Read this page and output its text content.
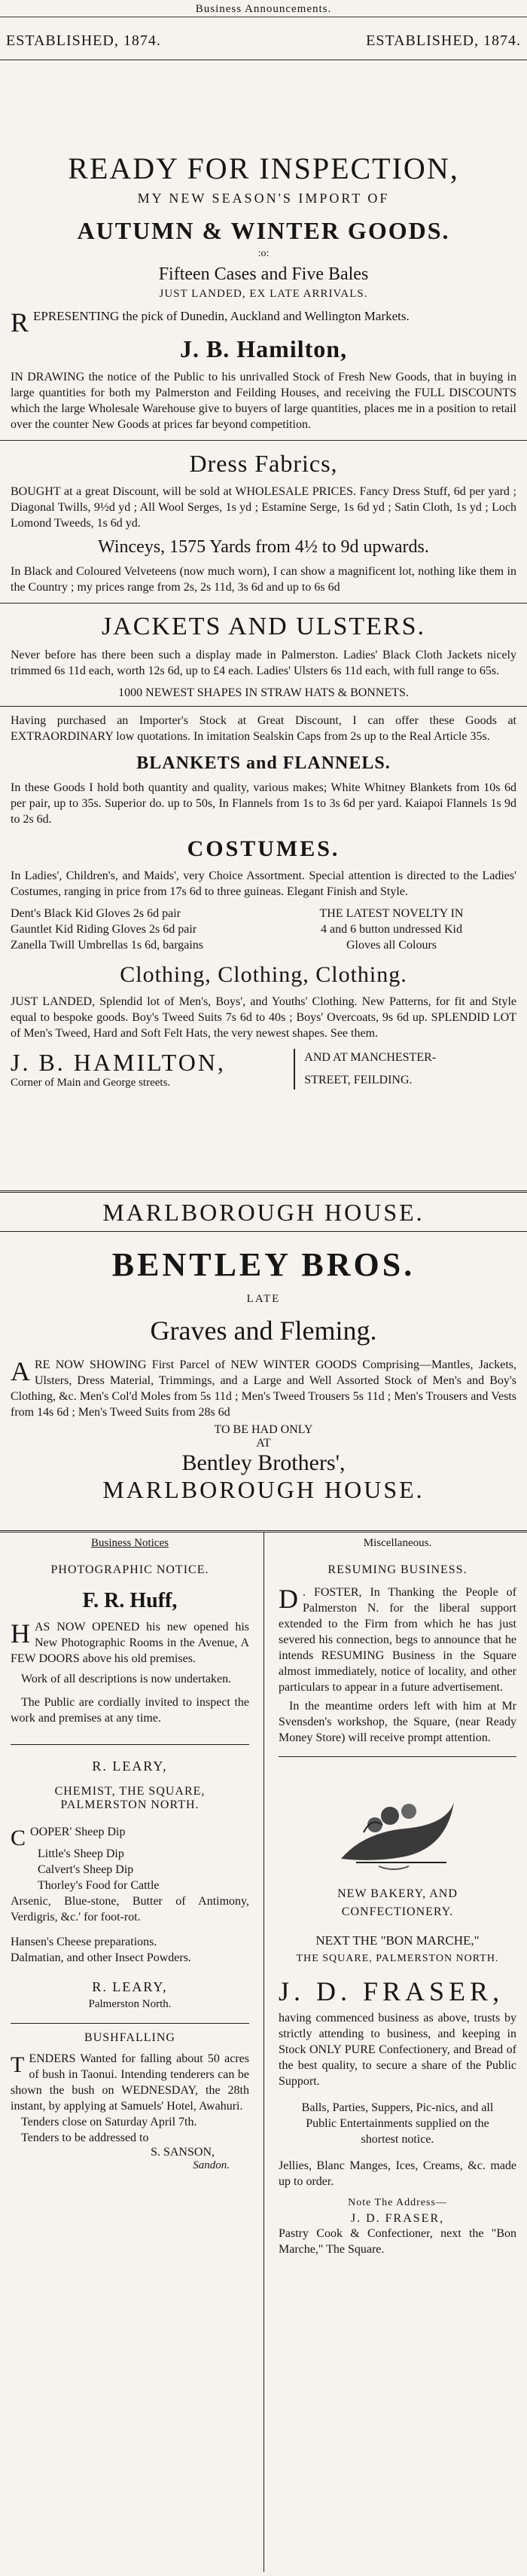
Business Announcements.
ESTABLISHED, 1874.	ESTABLISHED, 1874.
READY FOR INSPECTION,
MY NEW SEASON'S IMPORT OF
AUTUMN & WINTER GOODS.
:o:
Fifteen Cases and Five Bales
JUST LANDED, EX LATE ARRIVALS.
REPRESENTING the pick of Dunedin, Auckland and Wellington Markets.
J. B. Hamilton,
IN DRAWING the notice of the Public to his unrivalled Stock of Fresh New Goods, that in buying in large quantities for both my Palmerston and Feilding Houses, and receiving the FULL DISCOUNTS which the large Wholesale Warehouse give to buyers of large quantities, places me in a position to retail over the counter New Goods at prices far beyond competition.
Dress Fabrics,
BOUGHT at a great Discount, will be sold at WHOLESALE PRICES. Fancy Dress Stuff, 6d per yard ; Diagonal Twills, 9½d yd ; All Wool Serges, 1s yd ; Estamine Serge, 1s 6d yd ; Satin Cloth, 1s yd ; Loch Lomond Tweeds, 1s 6d yd.
Winceys, 1575 Yards from 4½ to 9d upwards.
In Black and Coloured Velveteens (now much worn), I can show a magnificent lot, nothing like them in the Country ; my prices range from 2s, 2s 11d, 3s 6d and up to 6s 6d
JACKETS AND ULSTERS.
Never before has there been such a display made in Palmerston. Ladies' Black Cloth Jackets nicely trimmed 6s 11d each, worth 12s 6d, up to £4 each. Ladies' Ulsters 6s 11d each, with full range to 65s.
1000 NEWEST SHAPES IN STRAW HATS & BONNETS.
Having purchased an Importer's Stock at Great Discount, I can offer these Goods at EXTRAORDINARY low quotations. In imitation Sealskin Caps from 2s up to the Real Article 35s.
BLANKETS and FLANNELS.
In these Goods I hold both quantity and quality, various makes; White Whitney Blankets from 10s 6d per pair, up to 35s. Superior do. up to 50s, In Flannels from 1s to 3s 6d per yard. Kaiapoi Flannels 1s 9d to 2s 6d.
COSTUMES.
In Ladies', Children's, and Maids', very Choice Assortment. Special attention is directed to the Ladies' Costumes, ranging in price from 17s 6d to three guineas. Elegant Finish and Style.
Dent's Black Kid Gloves 2s 6d pair
Gauntlet Kid Riding Gloves 2s 6d pair
Zanella Twill Umbrellas 1s 6d, bargains
THE LATEST NOVELTY IN
4 and 6 button undressed Kid
Gloves all Colours
Clothing, Clothing, Clothing.
JUST LANDED, Splendid lot of Men's, Boys', and Youths' Clothing. New Patterns, for fit and Style equal to bespoke goods. Boy's Tweed Suits 7s 6d to 40s ; Boys' Overcoats, 9s 6d up. SPLENDID LOT of Men's Tweed, Hard and Soft Felt Hats, the very newest shapes. See them.
J. B. HAMILTON,
Corner of Main and George streets.
AND AT MANCHESTER-
STREET, FEILDING.
MARLBOROUGH HOUSE.
BENTLEY BROS.
LATE
Graves and Fleming.
ARE NOW SHOWING First Parcel of NEW WINTER GOODS Comprising—Mantles, Jackets, Ulsters, Dress Material, Trimmings, and a Large and Well Assorted Stock of Men's and Boy's Clothing, &c. Men's Col'd Moles from 5s 11d ; Men's Tweed Trousers 5s 11d ; Men's Trousers and Vests from 14s 6d ; Men's Tweed Suits from 28s 6d
TO BE HAD ONLY
AT
Bentley Brothers',
MARLBOROUGH HOUSE.
Business Notices
PHOTOGRAPHIC NOTICE.
F. R. Huff,
HAS NOW OPENED his new opened his New Photographic Rooms in the Avenue, A FEW DOORS above his old premises.
Work of all descriptions is now undertaken.
The Public are cordially invited to inspect the work and premises at any time.
R. LEARY,
CHEMIST, THE SQUARE, PALMERSTON NORTH.
COOPER' Sheep Dip
Little's Sheep Dip
Calvert's Sheep Dip
Thorley's Food for Cattle
Arsenic, Blue-stone, Butter of Antimony, Verdigris, &c.' for foot-rot.
Hansen's Cheese preparations.
Dalmatian, and other Insect Powders.
R. LEARY,
Palmerston North.
BUSHFALLING
TENDERS Wanted for falling about 50 acres of bush in Taonui. Intending tenderers can be shown the bush on WEDNESDAY, the 28th instant, by applying at Samuels' Hotel, Awahuri.
Tenders close on Saturday April 7th.
Tenders to be addressed to
S. SANSON,
Sandon.
Miscellaneous.
RESUMING BUSINESS.
D . FOSTER, In Thanking the People of Palmerston N. for the liberal support extended to the Firm from which he has just severed his connection, begs to announce that he intends RESUMING Business in the Square almost immediately, notice of locality, and other particulars to appear in a future advertisement.
In the meantime orders left with him at Mr Svensden's workshop, the Square, (near Ready Money Store) will receive prompt attention.
NEW BAKERY, AND CONFECTIONERY.
NEXT THE "BON MARCHE,"
THE SQUARE, PALMERSTON NORTH.
J. D. FRASER,
having commenced business as above, trusts by strictly attending to business, and keeping in Stock ONLY PURE Confectionery, and Bread of the best quality, to secure a share of the Public Support.
Balls, Parties, Suppers, Pic-nics, and all Public Entertainments supplied on the shortest notice.
Jellies, Blanc Manges, Ices, Creams, &c. made up to order.
Note The Address—
J. D. FRASER,
Pastry Cook & Confectioner, next the "Bon Marche," The Square.
